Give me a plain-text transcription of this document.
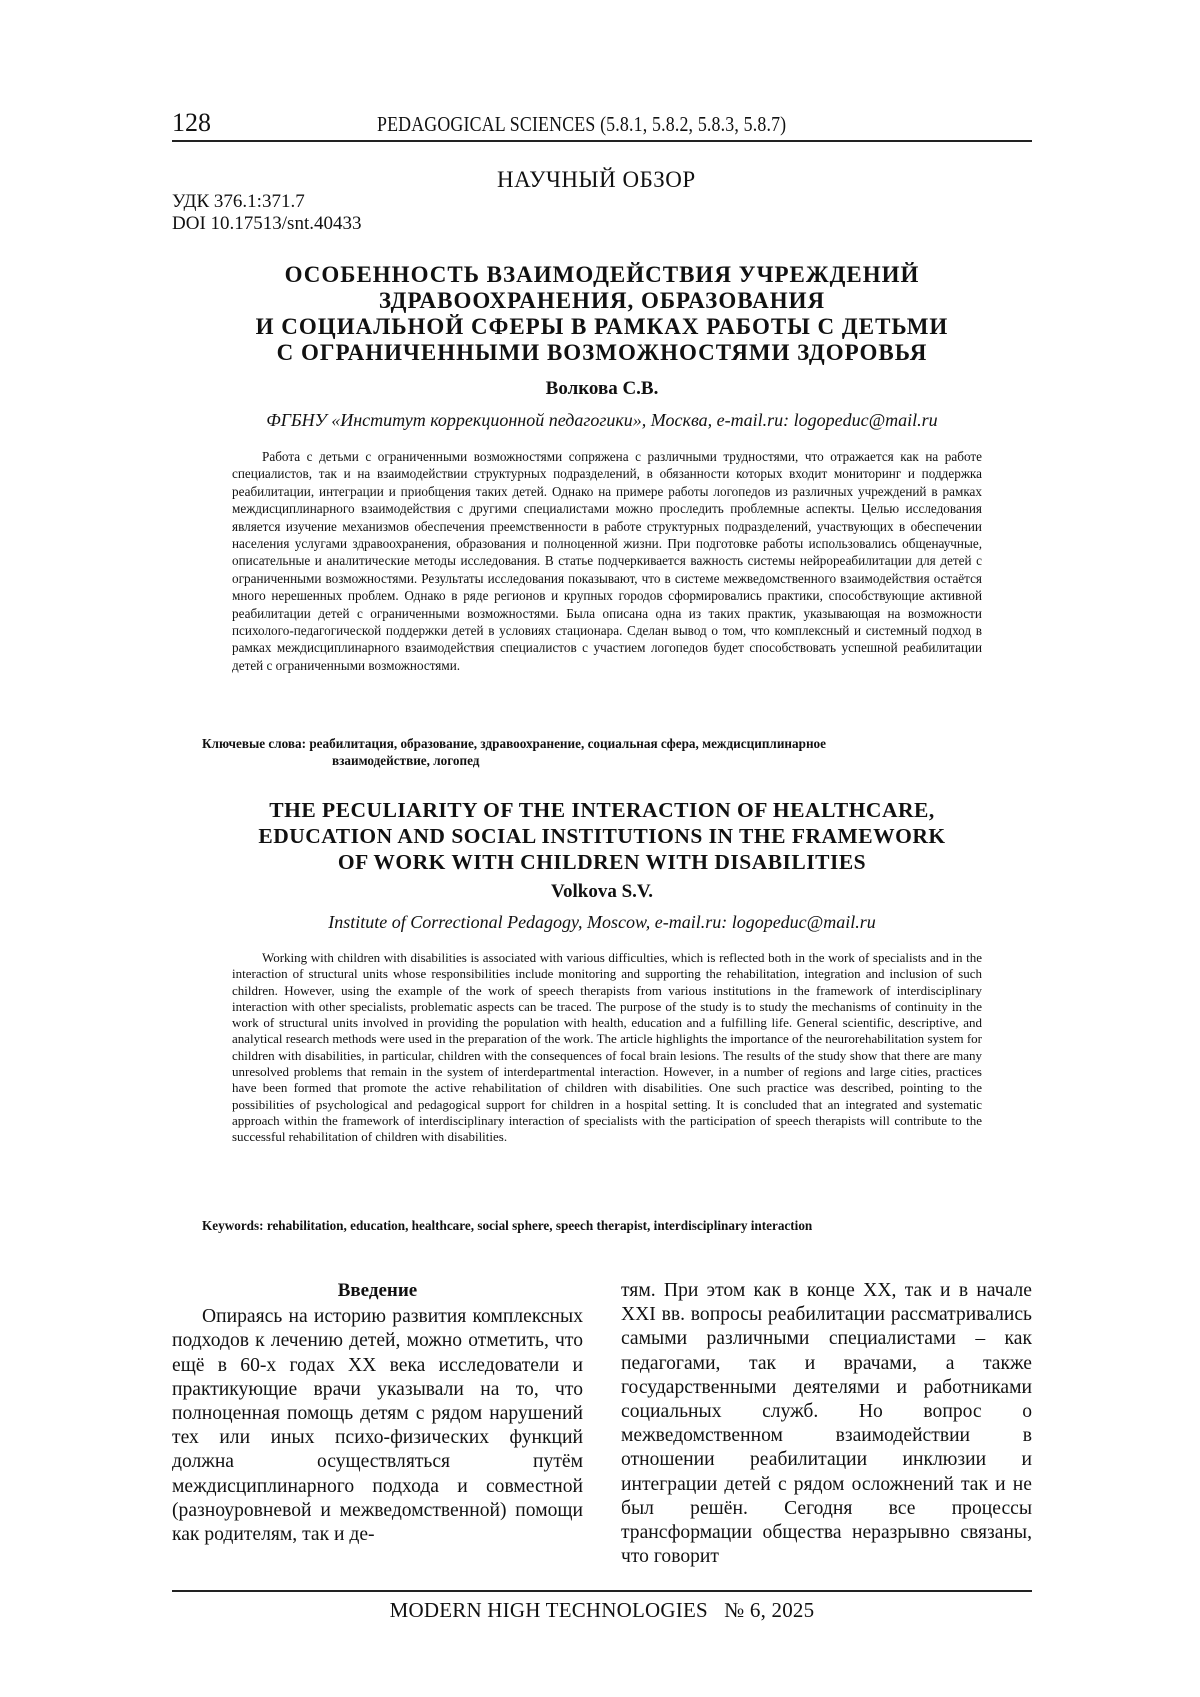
128	PEDAGOGICAL SCIENCES (5.8.1, 5.8.2, 5.8.3, 5.8.7)
НАУЧНЫЙ ОБЗОР
УДК 376.1:371.7
DOI 10.17513/snt.40433
ОСОБЕННОСТЬ ВЗАИМОДЕЙСТВИЯ УЧРЕЖДЕНИЙ
ЗДРАВООХРАНЕНИЯ, ОБРАЗОВАНИЯ
И СОЦИАЛЬНОЙ СФЕРЫ В РАМКАХ РАБОТЫ С ДЕТЬМИ
С ОГРАНИЧЕННЫМИ ВОЗМОЖНОСТЯМИ ЗДОРОВЬЯ
Волкова С.В.
ФГБНУ «Институт коррекционной педагогики», Москва, e-mail.ru: logopeduc@mail.ru

Работа с детьми с ограниченными возможностями сопряжена с различными трудностями, что отражается как на работе специалистов, так и на взаимодействии структурных подразделений, в обязанности которых входит мониторинг и поддержка реабилитации, интеграции и приобщения таких детей. Однако на примере работы логопедов из различных учреждений в рамках междисциплинарного взаимодействия с другими специалистами можно проследить проблемные аспекты. Целью исследования является изучение механизмов обеспечения преемственности в работе структурных подразделений, участвующих в обеспечении населения услугами здравоохранения, образования и полноценной жизни. При подготовке работы использовались общенаучные, описательные и аналитические методы исследования. В статье подчеркивается важность системы нейрореабилитации для детей с ограниченными возможностями. Результаты исследования показывают, что в системе межведомственного взаимодействия остаётся много нерешенных проблем. Однако в ряде регионов и крупных городов сформировались практики, способствующие активной реабилитации детей с ограниченными возможностями. Была описана одна из таких практик, указывающая на возможности психолого-педагогической поддержки детей в условиях стационара. Сделан вывод о том, что комплексный и системный подход в рамках междисциплинарного взаимодействия специалистов с участием логопедов будет способствовать успешной реабилитации детей с ограниченными возможностями.

Ключевые слова: реабилитация, образование, здравоохранение, социальная сфера, междисциплинарное
взаимодействие, логопед
THE PECULIARITY OF THE INTERACTION OF HEALTHCARE,
EDUCATION AND SOCIAL INSTITUTIONS IN THE FRAMEWORK
OF WORK WITH CHILDREN WITH DISABILITIES
Volkova S.V.
Institute of Correctional Pedagogy, Moscow, e-mail.ru: logopeduc@mail.ru

Working with children with disabilities is associated with various difficulties, which is reflected both in the work of specialists and in the interaction of structural units whose responsibilities include monitoring and supporting the rehabilitation, integration and inclusion of such children. However, using the example of the work of speech therapists from various institutions in the framework of interdisciplinary interaction with other specialists, problematic aspects can be traced. The purpose of the study is to study the mechanisms of continuity in the work of structural units involved in providing the population with health, education and a fulfilling life. General scientific, descriptive, and analytical research methods were used in the preparation of the work. The article highlights the importance of the neurorehabilitation system for children with disabilities, in particular, children with the consequences of focal brain lesions. The results of the study show that there are many unresolved problems that remain in the system of interdepartmental interaction. However, in a number of regions and large cities, practices have been formed that promote the active rehabilitation of children with disabilities. One such practice was described, pointing to the possibilities of psychological and pedagogical support for children in a hospital setting. It is concluded that an integrated and systematic approach within the framework of interdisciplinary interaction of specialists with the participation of speech therapists will contribute to the successful rehabilitation of children with disabilities.

Keywords: rehabilitation, education, healthcare, social sphere, speech therapist, interdisciplinary interaction

Введение

Опираясь на историю развития комплексных подходов к лечению детей, можно отметить, что ещё в 60-х годах XX века исследователи и практикующие врачи указывали на то, что полноценная помощь детям с рядом нарушений тех или иных психо-физических функций должна осуществляться путём междисциплинарного подхода и совместной (разноуровневой и межведомственной) помощи как родителям, так и де-

тям. При этом как в конце XX, так и в начале XXI вв. вопросы реабилитации рассматривались самыми различными специалистами – как педагогами, так и врачами, а также государственными деятелями и работниками социальных служб. Но вопрос о межведомственном взаимодействии в отношении реабилитации инклюзии и интеграции детей с рядом осложнений так и не был решён. Сегодня все процессы трансформации общества неразрывно связаны, что говорит

MODERN HIGH TECHNOLOGIES   № 6, 2025
